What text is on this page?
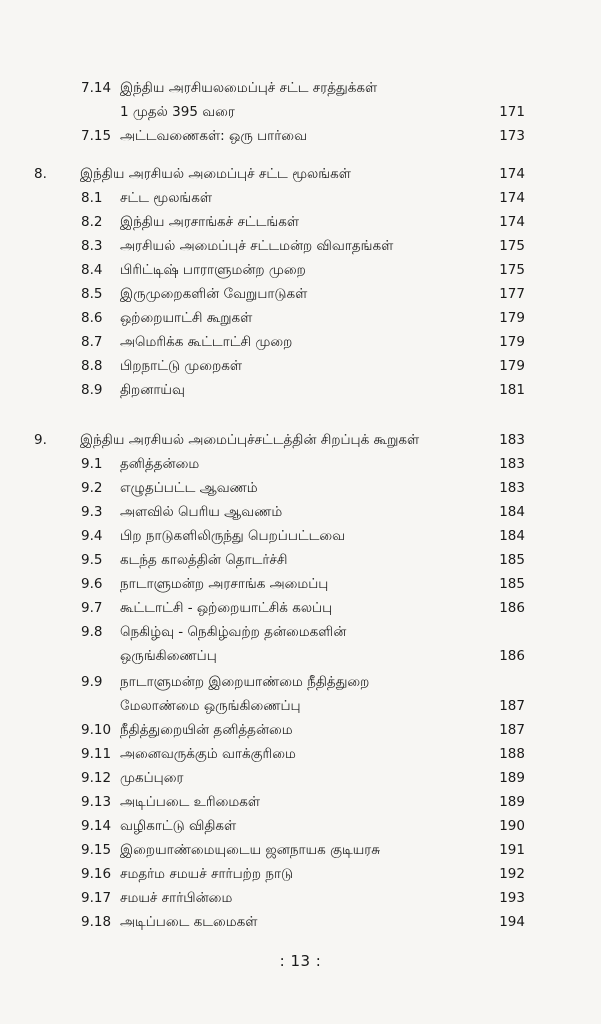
7.14 இந்திய அரசியலமைப்புச் சட்ட சரத்துக்கள்
1 முதல் 395 வரை	171
7.15 அட்டவணைகள்: ஒரு பார்வை	173
8. இந்திய அரசியல் அமைப்புச் சட்ட மூலங்கள்	174
8.1 சட்ட மூலங்கள்	174
8.2 இந்திய அரசாங்கச் சட்டங்கள்	174
8.3 அரசியல் அமைப்புச் சட்டமன்ற விவாதங்கள்	175
8.4 பிரிட்டிஷ் பாராளுமன்ற முறை	175
8.5 இருமுறைகளின் வேறுபாடுகள்	177
8.6 ஒற்றையாட்சி கூறுகள்	179
8.7 அமெரிக்க கூட்டாட்சி முறை	179
8.8 பிறநாட்டு முறைகள்	179
8.9 திறனாய்வு	181
9. இந்திய அரசியல் அமைப்புச்சட்டத்தின் சிறப்புக் கூறுகள்	183
9.1 தனித்தன்மை	183
9.2 எழுதப்பட்ட ஆவணம்	183
9.3 அளவில் பெரிய ஆவணம்	184
9.4 பிற நாடுகளிலிருந்து பெறப்பட்டவை	184
9.5 கடந்த காலத்தின் தொடர்ச்சி	185
9.6 நாடாளுமன்ற அரசாங்க அமைப்பு	185
9.7 கூட்டாட்சி - ஒற்றையாட்சிக் கலப்பு	186
9.8 நெகிழ்வு - நெகிழ்வற்ற தன்மைகளின்
ஒருங்கிணைப்பு	186
9.9 நாடாளுமன்ற இறையாண்மை நீதித்துறை
மேலாண்மை ஒருங்கிணைப்பு	187
9.10 நீதித்துறையின் தனித்தன்மை	187
9.11 அனைவருக்கும் வாக்குரிமை	188
9.12 முகப்புரை	189
9.13 அடிப்படை உரிமைகள்	189
9.14 வழிகாட்டு விதிகள்	190
9.15 இறையாண்மையுடைய ஜனநாயக குடியரசு	191
9.16 சமதர்ம சமயச் சார்பற்ற நாடு	192
9.17 சமயச் சார்பின்மை	193
9.18 அடிப்படை கடமைகள்	194
: 13 :
